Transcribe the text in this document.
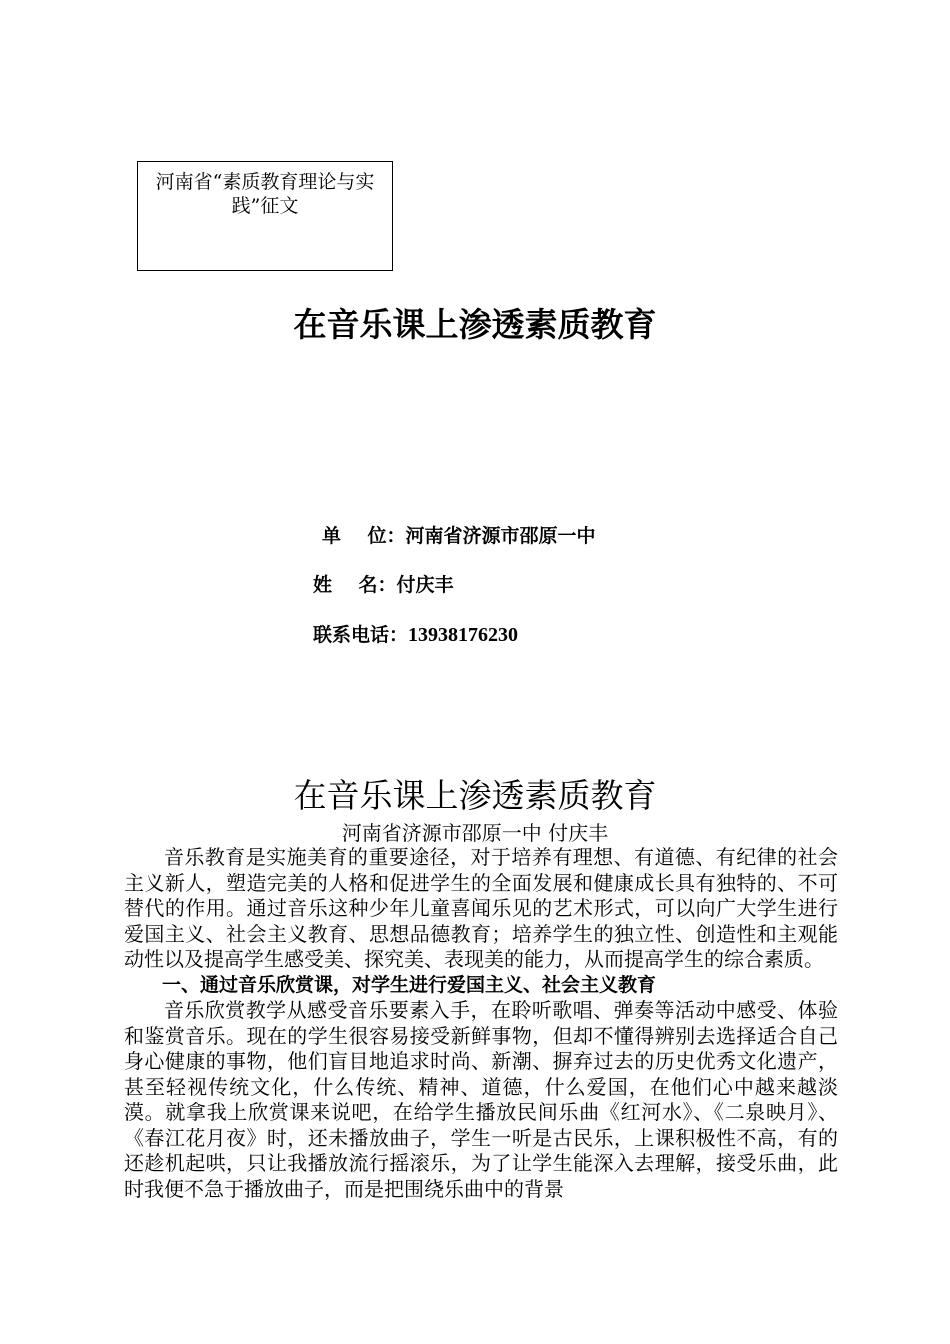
河南省“素质教育理论与实践”征文
在音乐课上渗透素质教育
单    位：河南省济源市邵原一中
姓    名：付庆丰
联系电话：13938176230
在音乐课上渗透素质教育
河南省济源市邵原一中 付庆丰

音乐教育是实施美育的重要途径，对于培养有理想、有道德、有纪律的社会主义新人，塑造完美的人格和促进学生的全面发展和健康成长具有独特的、不可替代的作用。通过音乐这种少年儿童喜闻乐见的艺术形式，可以向广大学生进行爱国主义、社会主义教育、思想品德教育；培养学生的独立性、创造性和主观能动性以及提高学生感受美、探究美、表现美的能力，从而提高学生的综合素质。

一、通过音乐欣赏课，对学生进行爱国主义、社会主义教育

音乐欣赏教学从感受音乐要素入手，在聆听歌唱、弹奏等活动中感受、体验和鉴赏音乐。现在的学生很容易接受新鲜事物，但却不懂得辨别去选择适合自己身心健康的事物，他们盲目地追求时尚、新潮、摒弃过去的历史优秀文化遗产，甚至轻视传统文化，什么传统、精神、道德，什么爱国，在他们心中越来越淡漠。就拿我上欣赏课来说吧，在给学生播放民间乐曲《红河水》、《二泉映月》、《春江花月夜》时，还未播放曲子，学生一听是古民乐，上课积极性不高，有的还趁机起哄，只让我播放流行摇滚乐，为了让学生能深入去理解，接受乐曲，此时我便不急于播放曲子，而是把围绕乐曲中的背景
